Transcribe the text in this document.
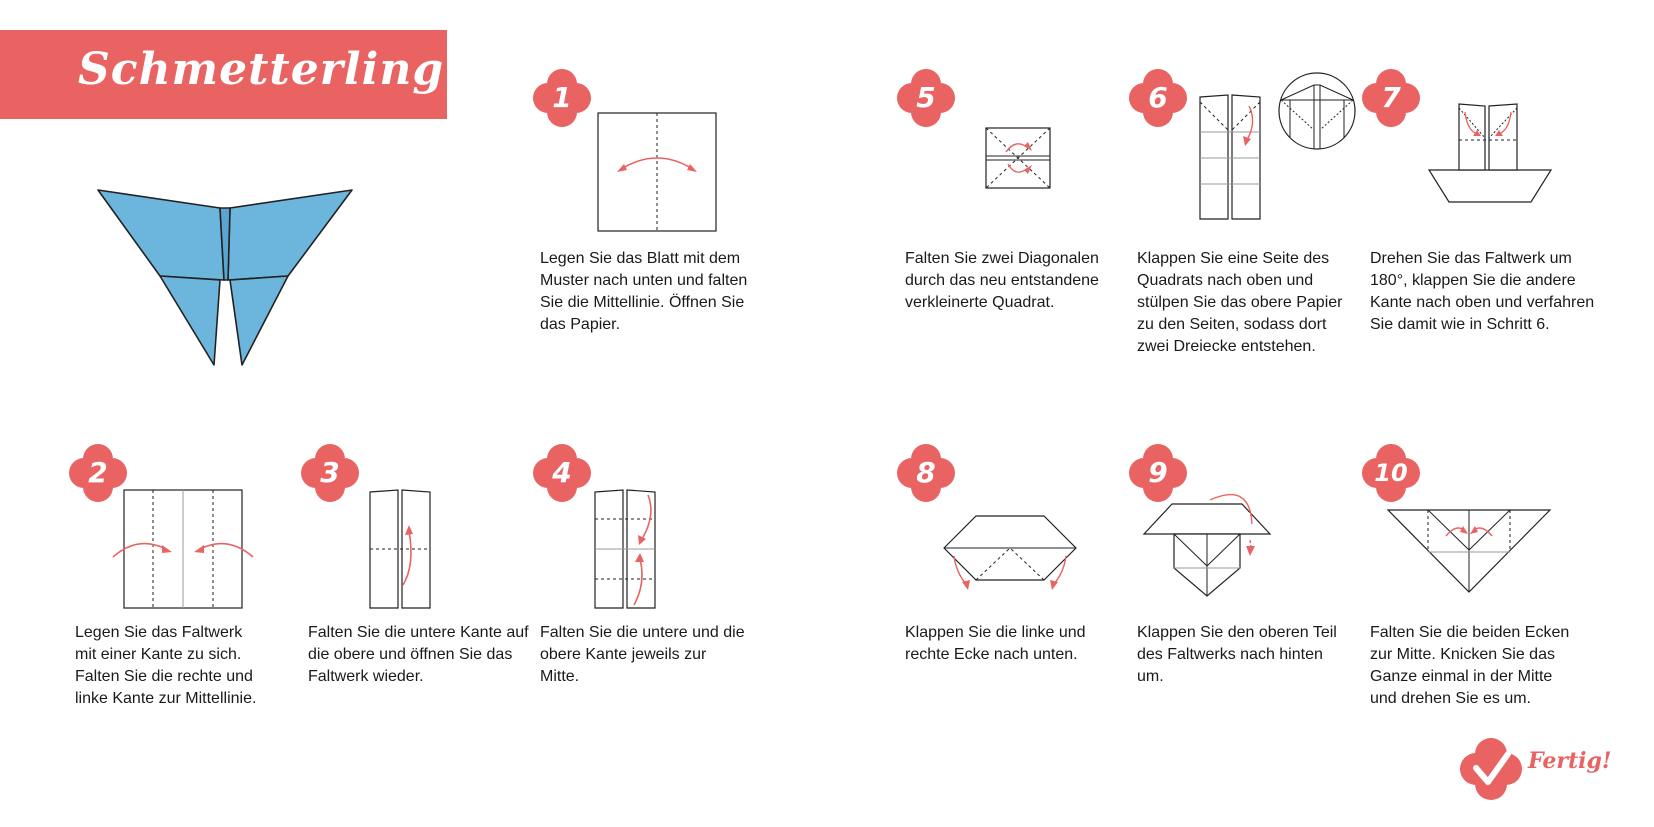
Schmetterling
1
2	3	4
5	6	7
8	9	10
Legen Sie das Blatt mit dem Muster nach unten und falten Sie die Mittellinie. Öffnen Sie das Papier.
Legen Sie das Faltwerk mit einer Kante zu sich. Falten Sie die rechte und linke Kante zur Mittellinie.
Falten Sie die untere Kante auf die obere und öffnen Sie das Faltwerk wieder.
Falten Sie die untere und die obere Kante jeweils zur Mitte.
Falten Sie zwei Diagonalen durch das neu entstandene verkleinerte Quadrat.
Klappen Sie eine Seite des Quadrats nach oben und stülpen Sie das obere Papier zu den Seiten, sodass dort zwei Dreiecke entstehen.
Drehen Sie das Faltwerk um 180°, klappen Sie die andere Kante nach oben und verfahren Sie damit wie in Schritt 6.
Klappen Sie die linke und rechte Ecke nach unten.
Klappen Sie den oberen Teil des Faltwerks nach hinten um.
Falten Sie die beiden Ecken zur Mitte. Knicken Sie das Ganze einmal in der Mitte und drehen Sie es um.
Fertig!
